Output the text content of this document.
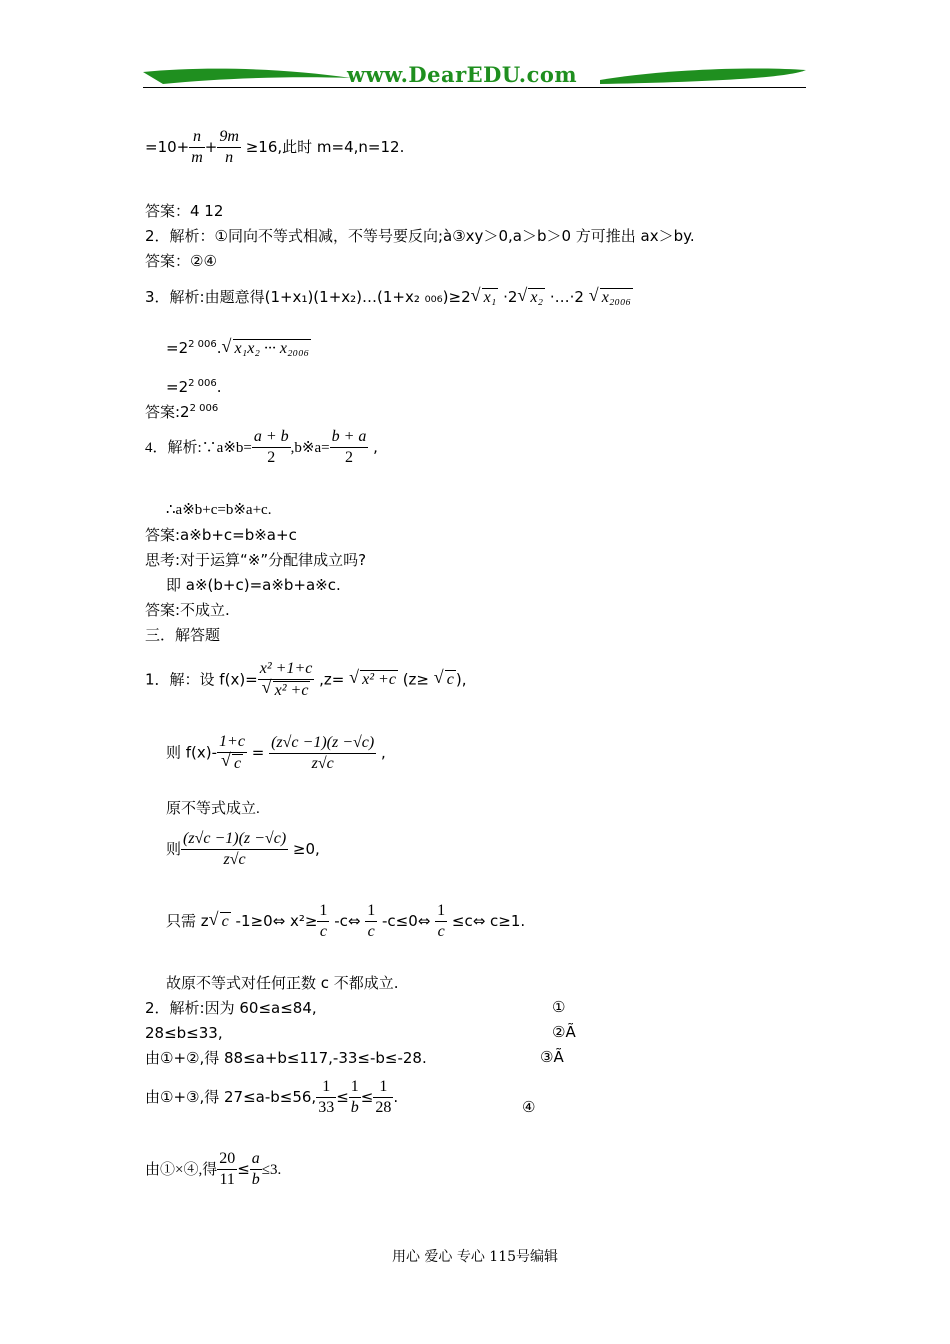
www.DearEDU.com
$=10+ \frac{n}{m} + \frac{9m}{n} \ge 16$,此时 m=4,n=12.
答案：4 12
2．解析：①同向不等式相减，不等号要反向;à③xy＞0,a＞b＞0 方可推出 ax＞by.
答案：②④
3．解析:由题意得(1+x₁)(1+x₂)…(1+x₂ ₀₀₆)≥2√ x₁ ·2√ x₂ ·…·2 √ x₂₀₀₆
$=2^{2 006}.√$ x₁x₂ ··· x₂₀₀₆
$=2^{2 006}$.
答案$:2^{2 006}$
4．解析:∵a※b= $\frac{a + b}{2}$ ,b※a= $\frac{b + a}{2}$ ,
∴a※b+c=b※a+c.
答案:a※b+c=b※a+c
思考:对于运算“※”分配律成立吗?
即 a※(b+c)=a※b+a※c.
答案:不成立.
三．解答题
1．解：设 f(x)= x² +1+c
√ x² +c ,z= √ x² +c (z≥ √ c ),
则 f(x)- 1+c
√ $c = \frac{(z√c -1)(z -√c)}{z√c}$ ,
原不等式成立.
则 $\frac{(z√c -1)(z -√c)}{z√c} \ge 0$,
只需 z√ c -1≥0⇔ $x^2\ge \frac{1}{c}$ -c⇔ $\frac{1}{c}$ -c≤0⇔ $\frac{1}{c}$ ≤c⇔ c≥1.
故原不等式对任何正数 c 不都成立.
2．解析:因为 60≤a≤84,	①
28≤b≤33,	②Ã
由①+②,得 88≤a+b≤117,-33≤-b≤-28.	③Ã
由①+③,得 27≤a-b≤56, $\frac{1}{33} \le \frac{1}{b} \le \frac{1}{28}$ .
④
由①×④,得 $\frac{20}{11} \le \frac{a}{b} \le 3$.
用心 爱心 专心 115号编辑
